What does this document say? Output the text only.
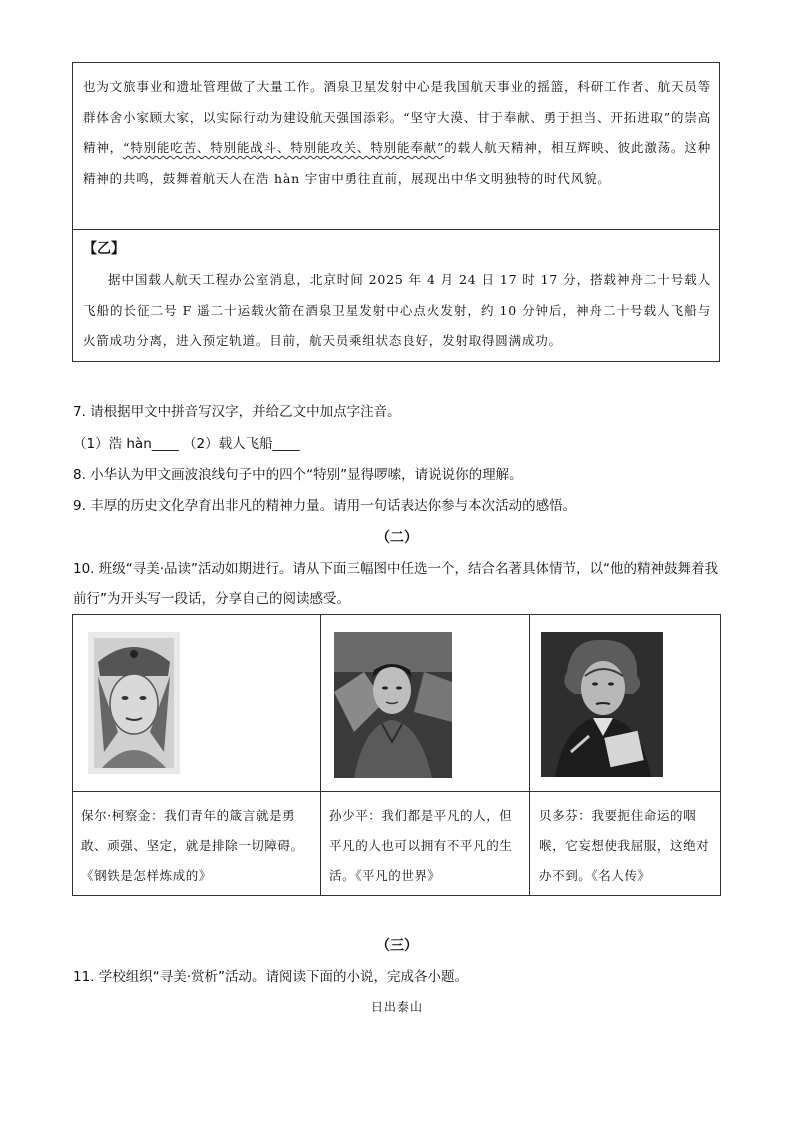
也为文旅事业和遗址管理做了大量工作。酒泉卫星发射中心是我国航天事业的摇篮，科研工作者、航天员等群体舍小家顾大家，以实际行动为建设航天强国添彩。“坚守大漠、甘于奉献、勇于担当、开拓进取”的崇高精神，“特别能吃苦、特别能战斗、特别能攻关、特别能奉献”的载人航天精神，相互辉映、彼此激荡。这种精神的共鸣，鼓舞着航天人在浩 hàn 宇宙中勇往直前，展现出中华文明独特的时代风貌。
【乙】
据中国载人航天工程办公室消息，北京时间 2025 年 4 月 24 日 17 时 17 分，搭载神舟二十号载人飞船的长征二号 F 遥二十运载火箭在酒泉卫星发射中心点火发射，约 10 分钟后，神舟二十号载人飞船与火箭成功分离，进入预定轨道。目前，航天员乘组状态良好，发射取得圆满成功。
7. 请根据甲文中拼音写汉字，并给乙文中加点字注音。
（1）浩 hàn____ （2）载人飞船____
8. 小华认为甲文画波浪线句子中的四个“特别”显得啰嗦，请说说你的理解。
9. 丰厚的历史文化孕育出非凡的精神力量。请用一句话表达你参与本次活动的感悟。
（二）
10. 班级“寻美·品读”活动如期进行。请从下面三幅图中任选一个，结合名著具体情节，以“他的精神鼓舞着我前行”为开头写一段话，分享自己的阅读感受。
保尔·柯察金：我们青年的箴言就是勇敢、顽强、坚定，就是排除一切障碍。《钢铁是怎样炼成的》
孙少平：我们都是平凡的人，但平凡的人也可以拥有不平凡的生活。《平凡的世界》
贝多芬：我要扼住命运的咽喉，它妄想使我屈服，这绝对办不到。《名人传》
（三）
11. 学校组织“寻美·赏析”活动。请阅读下面的小说，完成各小题。
日出泰山
